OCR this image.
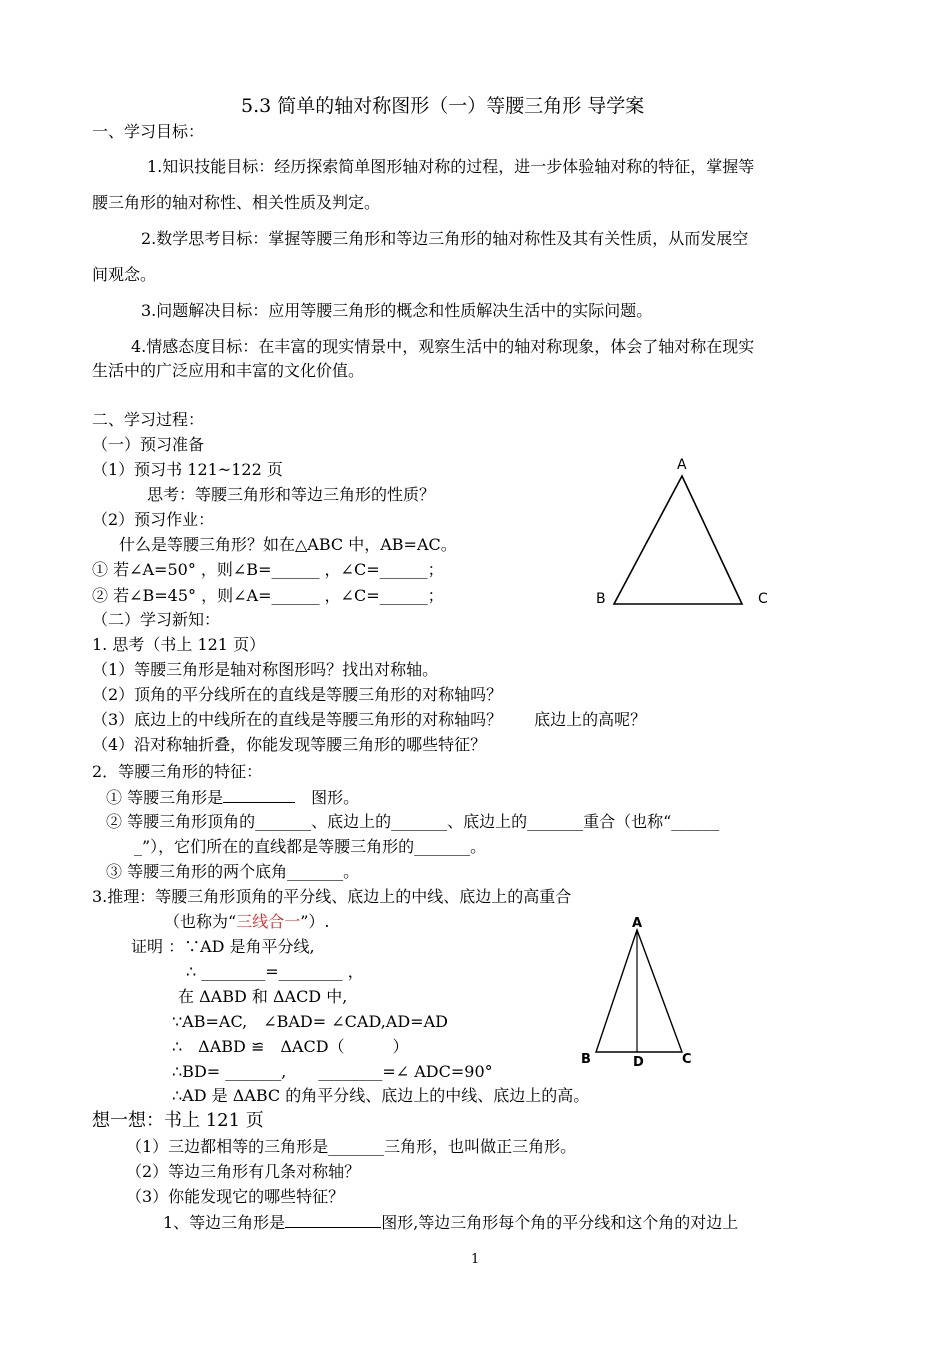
5.3 简单的轴对称图形（一）等腰三角形 导学案
一、学习目标：
1.知识技能目标：经历探索简单图形轴对称的过程，进一步体验轴对称的特征，掌握等
腰三角形的轴对称性、相关性质及判定。
2.数学思考目标：掌握等腰三角形和等边三角形的轴对称性及其有关性质，从而发展空
间观念。
3.问题解决目标：应用等腰三角形的概念和性质解决生活中的实际问题。
4.情感态度目标：在丰富的现实情景中，观察生活中的轴对称现象，体会了轴对称在现实
生活中的广泛应用和丰富的文化价值。
二、学习过程：
（一）预习准备
（1）预习书 121~122 页
思考：等腰三角形和等边三角形的性质？
（2）预习作业：
什么是等腰三角形？如在△ABC 中，AB=AC。
① 若∠A=50° ，则∠B=______ ，∠C=______；
② 若∠B=45° ，则∠A=______ ，∠C=______；
（二）学习新知：
1. 思考（书上 121 页）
（1）等腰三角形是轴对称图形吗？找出对称轴。
（2）顶角的平分线所在的直线是等腰三角形的对称轴吗？
（3）底边上的中线所在的直线是等腰三角形的对称轴吗？　　底边上的高呢？
（4）沿对称轴折叠，你能发现等腰三角形的哪些特征？
2．等腰三角形的特征：
① 等腰三角形是　	图形。
② 等腰三角形顶角的_______、底边上的_______、底边上的_______重合（也称“______
_”），它们所在的直线都是等腰三角形的_______。
③ 等腰三角形的两个底角_______。
3.推理：等腰三角形顶角的平分线、底边上的中线、底边上的高重合
（也称为“三线合一”）.
证明 ：∵AD 是角平分线,
∴ ________=________ ，
在 ΔABD 和 ΔACD 中,
∵AB=AC,　∠BAD= ∠CAD,AD=AD
∴　ΔABD ≌　ΔACD（　　　）
∴BD= _______,　　________=∠ ADC=90°
∴AD 是 ΔABC 的角平分线、底边上的中线、底边上的高。
想一想：书上 121 页
（1）三边都相等的三角形是_______三角形，也叫做正三角形。
（2）等边三角形有几条对称轴？
（3）你能发现它的哪些特征？
1、等边三角形是	图形,等边三角形每个角的平分线和这个角的对边上
A
B	C
A
B	D	C
1
